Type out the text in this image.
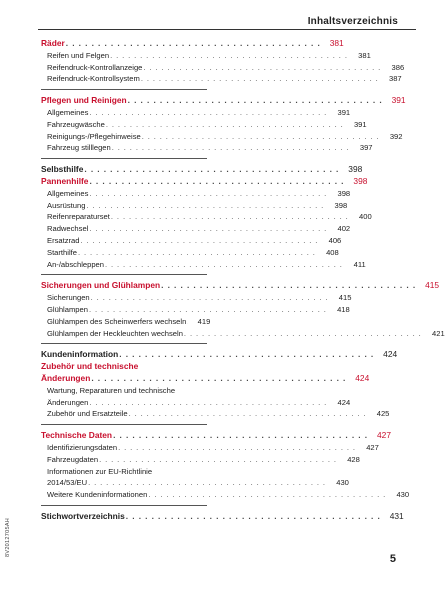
Inhaltsverzeichnis
Räder . . . . . . . . . . . . . . . . . . . . . . . . . . . . . . . . . . . . . . . .	381
Reifen und Felgen . . . . . . . . . . . . . . . . . . . . . . . . . . . . . . . . . . . . . . . .	381
Reifendruck-Kontrollanzeige . . . . . . . . . . . . . . . . . . . . . . . . . . . . . . . . . . . . . . . .	386
Reifendruck-Kontrollsystem . . . . . . . . . . . . . . . . . . . . . . . . . . . . . . . . . . . . . . . .	387
Pflegen und Reinigen . . . . . . . . . . . . . . . . . . . . . . . . . . . . . . . . . . . . . . . .	391
Allgemeines . . . . . . . . . . . . . . . . . . . . . . . . . . . . . . . . . . . . . . . .	391
Fahrzeugwäsche . . . . . . . . . . . . . . . . . . . . . . . . . . . . . . . . . . . . . . . .	391
Reinigungs-/Pflegehinweise . . . . . . . . . . . . . . . . . . . . . . . . . . . . . . . . . . . . . . . .	392
Fahrzeug stilllegen . . . . . . . . . . . . . . . . . . . . . . . . . . . . . . . . . . . . . . . .	397
Selbsthilfe . . . . . . . . . . . . . . . . . . . . . . . . . . . . . . . . . . . . . . . .	398
Pannenhilfe . . . . . . . . . . . . . . . . . . . . . . . . . . . . . . . . . . . . . . . .	398
Allgemeines . . . . . . . . . . . . . . . . . . . . . . . . . . . . . . . . . . . . . . . .	398
Ausrüstung . . . . . . . . . . . . . . . . . . . . . . . . . . . . . . . . . . . . . . . .	398
Reifenreparaturset . . . . . . . . . . . . . . . . . . . . . . . . . . . . . . . . . . . . . . . .	400
Radwechsel . . . . . . . . . . . . . . . . . . . . . . . . . . . . . . . . . . . . . . . .	402
Ersatzrad . . . . . . . . . . . . . . . . . . . . . . . . . . . . . . . . . . . . . . . .	406
Starthilfe . . . . . . . . . . . . . . . . . . . . . . . . . . . . . . . . . . . . . . . .	408
An-/abschleppen . . . . . . . . . . . . . . . . . . . . . . . . . . . . . . . . . . . . . . . .	411
Sicherungen und Glühlampen . . . . . . . . . . . . . . . . . . . . . . . . . . . . . . . . . . . . . . . .	415
Sicherungen . . . . . . . . . . . . . . . . . . . . . . . . . . . . . . . . . . . . . . . .	415
Glühlampen . . . . . . . . . . . . . . . . . . . . . . . . . . . . . . . . . . . . . . . .	418
Glühlampen des Scheinwerfers wechseln	419
Glühlampen der Heckleuchten wechseln . . . . . . . . . . . . . . . . . . . . . . . . . . . . . . . . . . . . . . . .	421
Kundeninformation . . . . . . . . . . . . . . . . . . . . . . . . . . . . . . . . . . . . . . . .	424
Zubehör und technische
Änderungen . . . . . . . . . . . . . . . . . . . . . . . . . . . . . . . . . . . . . . . .	424
Wartung, Reparaturen und technische
Änderungen . . . . . . . . . . . . . . . . . . . . . . . . . . . . . . . . . . . . . . . .	424
Zubehör und Ersatzteile . . . . . . . . . . . . . . . . . . . . . . . . . . . . . . . . . . . . . . . .	425
Technische Daten . . . . . . . . . . . . . . . . . . . . . . . . . . . . . . . . . . . . . . . .	427
Identifizierungsdaten . . . . . . . . . . . . . . . . . . . . . . . . . . . . . . . . . . . . . . . .	427
Fahrzeugdaten . . . . . . . . . . . . . . . . . . . . . . . . . . . . . . . . . . . . . . . .	428
Informationen zur EU-Richtlinie
2014/53/EU . . . . . . . . . . . . . . . . . . . . . . . . . . . . . . . . . . . . . . . .	430
Weitere Kundeninformationen . . . . . . . . . . . . . . . . . . . . . . . . . . . . . . . . . . . . . . . .	430
Stichwortverzeichnis . . . . . . . . . . . . . . . . . . . . . . . . . . . . . . . . . . . . . . . .	431
8V2012705AH
5
